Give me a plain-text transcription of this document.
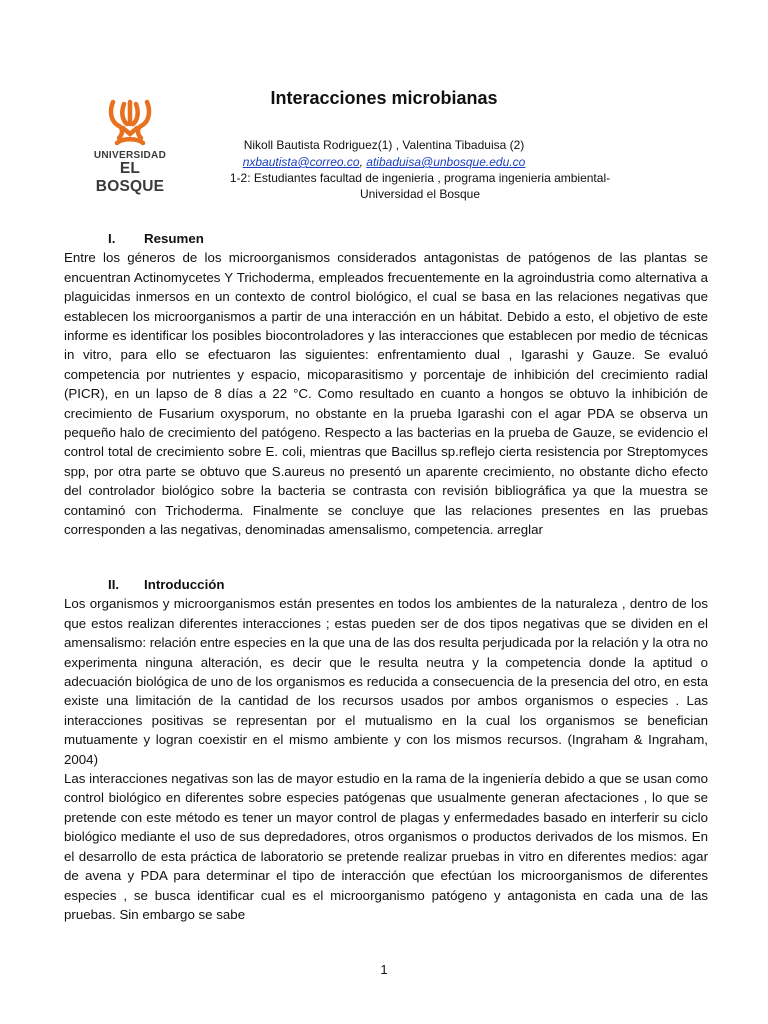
UNIVERSIDAD
EL BOSQUE
Interacciones microbianas
Nikoll Bautista Rodriguez(1) , Valentina Tibaduisa (2)
nxbautista@correo.co, atibaduisa@unbosque.edu.co
1-2: Estudiantes facultad de ingenieria , programa ingenieria ambiental-Universidad el Bosque
I. Resumen

Entre los géneros de los microorganismos considerados antagonistas de patógenos de las plantas se encuentran Actinomycetes Y Trichoderma, empleados frecuentemente en la agroindustria como alternativa a plaguicidas inmersos en un contexto de control biológico, el cual se basa en las relaciones negativas que establecen los microorganismos a partir de una interacción en un hábitat. Debido a esto, el objetivo de este informe es identificar los posibles biocontroladores y las interacciones que establecen por medio de técnicas in vitro, para ello se efectuaron las siguientes: enfrentamiento dual , Igarashi y Gauze. Se evaluó competencia por nutrientes y espacio, micoparasitismo y porcentaje de inhibición del crecimiento radial (PICR), en un lapso de 8 días a 22 °C. Como resultado en cuanto a hongos se obtuvo la inhibición de crecimiento de Fusarium oxysporum, no obstante en la prueba Igarashi con el agar PDA se observa un pequeño halo de crecimiento del patógeno. Respecto a las bacterias en la prueba de Gauze, se evidencio el control total de crecimiento sobre E. coli, mientras que Bacillus sp.reflejo cierta resistencia por Streptomyces spp, por otra parte se obtuvo que S.aureus no presentó un aparente crecimiento, no obstante dicho efecto del controlador biológico sobre la bacteria se contrasta con revisión bibliográfica ya que la muestra se contaminó con Trichoderma. Finalmente se concluye que las relaciones presentes en las pruebas corresponden a las negativas, denominadas amensalismo, competencia. arreglar

II. Introducción

Los organismos y microorganismos están presentes en todos los ambientes de la naturaleza , dentro de los que estos realizan diferentes interacciones ; estas pueden ser de dos tipos negativas que se dividen en el amensalismo: relación entre especies en la que una de las dos resulta perjudicada por la relación y la otra no experimenta ninguna alteración, es decir que le resulta neutra y la competencia donde la aptitud o adecuación biológica de uno de los organismos es reducida a consecuencia de la presencia del otro, en esta existe una limitación de la cantidad de los recursos usados por ambos organismos o especies . Las interacciones positivas se representan por el mutualismo en la cual los organismos se benefician mutuamente y logran coexistir en el mismo ambiente y con los mismos recursos. (Ingraham & Ingraham, 2004)

Las interacciones negativas son las de mayor estudio en la rama de la ingeniería debido a que se usan como control biológico en diferentes sobre especies patógenas que usualmente generan afectaciones , lo que se pretende con este método es tener un mayor control de plagas y enfermedades basado en interferir su ciclo biológico mediante el uso de sus depredadores, otros organismos o productos derivados de los mismos. En el desarrollo de esta práctica de laboratorio se pretende realizar pruebas in vitro en diferentes medios: agar de avena y PDA para determinar el tipo de interacción que efectúan los microorganismos de diferentes especies , se busca identificar cual es el microorganismo patógeno y antagonista en cada una de las pruebas. Sin embargo se sabe

1
